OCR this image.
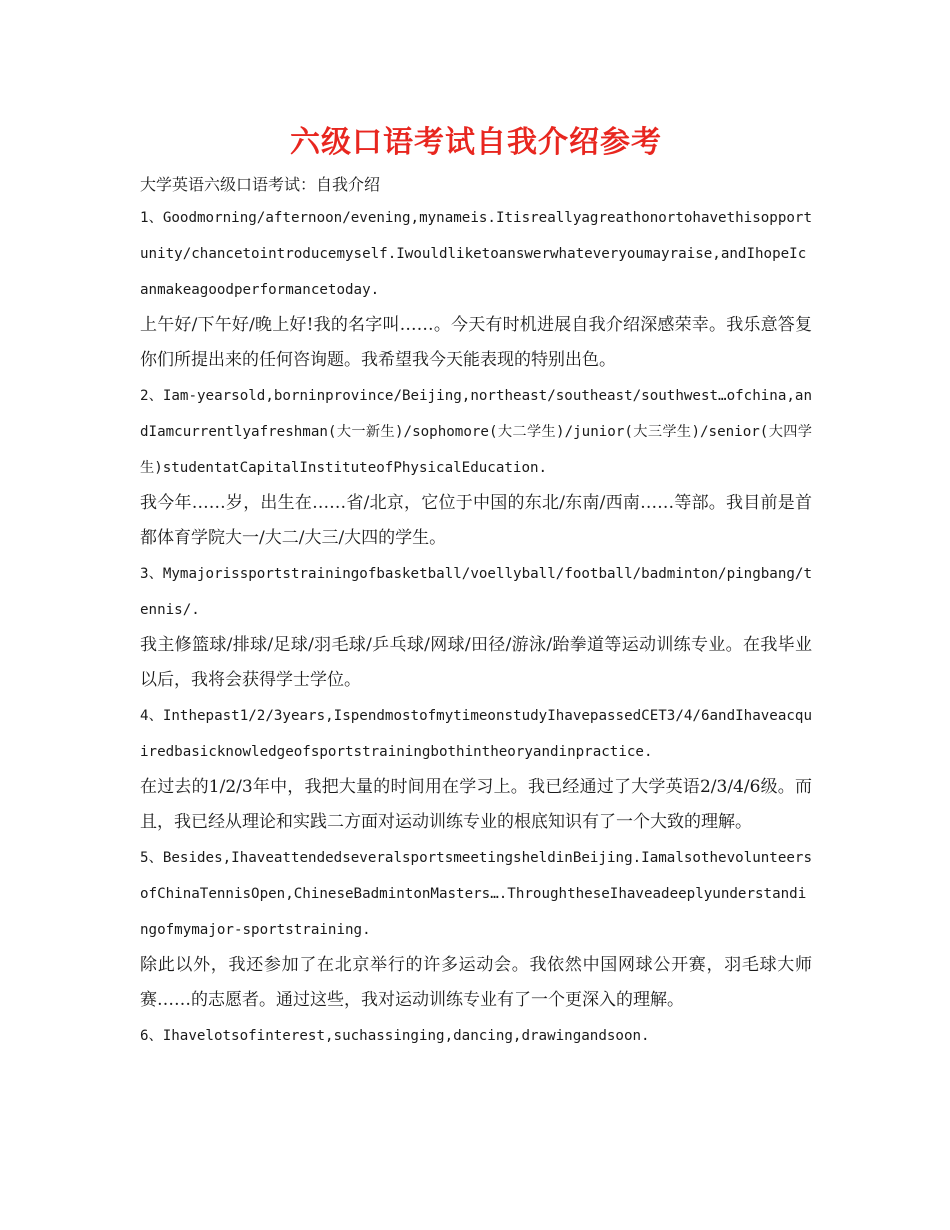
六级口语考试自我介绍参考

大学英语六级口语考试：自我介绍

1、Goodmorning/afternoon/evening,mynameis.Itisreallyagreathonortohavethisopportunity/chancetointroducemyself.Iwouldliketoanswerwhateveryoumayraise,andIhopeIcanmakeagoodperformancetoday.

上午好/下午好/晚上好!我的名字叫……。今天有时机进展自我介绍深感荣幸。我乐意答复你们所提出来的任何咨询题。我希望我今天能表现的特别出色。

2、Iam-yearsold,borninprovince/Beijing,northeast/southeast/southwest…ofchina,andIamcurrentlyafreshman(大一新生)/sophomore(大二学生)/junior(大三学生)/senior(大四学生)studentatCapitalInstituteofPhysicalEducation.

我今年……岁，出生在……省/北京，它位于中国的东北/东南/西南……等部。我目前是首都体育学院大一/大二/大三/大四的学生。

3、Mymajorissportstrainingofbasketball/voellyball/football/badminton/pingbang/tennis/.

我主修篮球/排球/足球/羽毛球/乒乓球/网球/田径/游泳/跆拳道等运动训练专业。在我毕业以后，我将会获得学士学位。

4、Inthepast1/2/3years,IspendmostofmytimeonstudyIhavepassedCET3/4/6andIhaveacquiredbasicknowledgeofsportstrainingbothintheoryandinpractice.

在过去的1/2/3年中，我把大量的时间用在学习上。我已经通过了大学英语2/3/4/6级。而且，我已经从理论和实践二方面对运动训练专业的根底知识有了一个大致的理解。

5、Besides,IhaveattendedseveralsportsmeetingsheldinBeijing.IamalsothevolunteersofChinaTennisOpen,ChineseBadmintonMasters….ThroughtheseIhaveadeeplyunderstandingofmymajor-sportstraining.

除此以外，我还参加了在北京举行的许多运动会。我依然中国网球公开赛，羽毛球大师赛……的志愿者。通过这些，我对运动训练专业有了一个更深入的理解。

6、Ihavelotsofinterest,suchassinging,dancing,drawingandsoon.
